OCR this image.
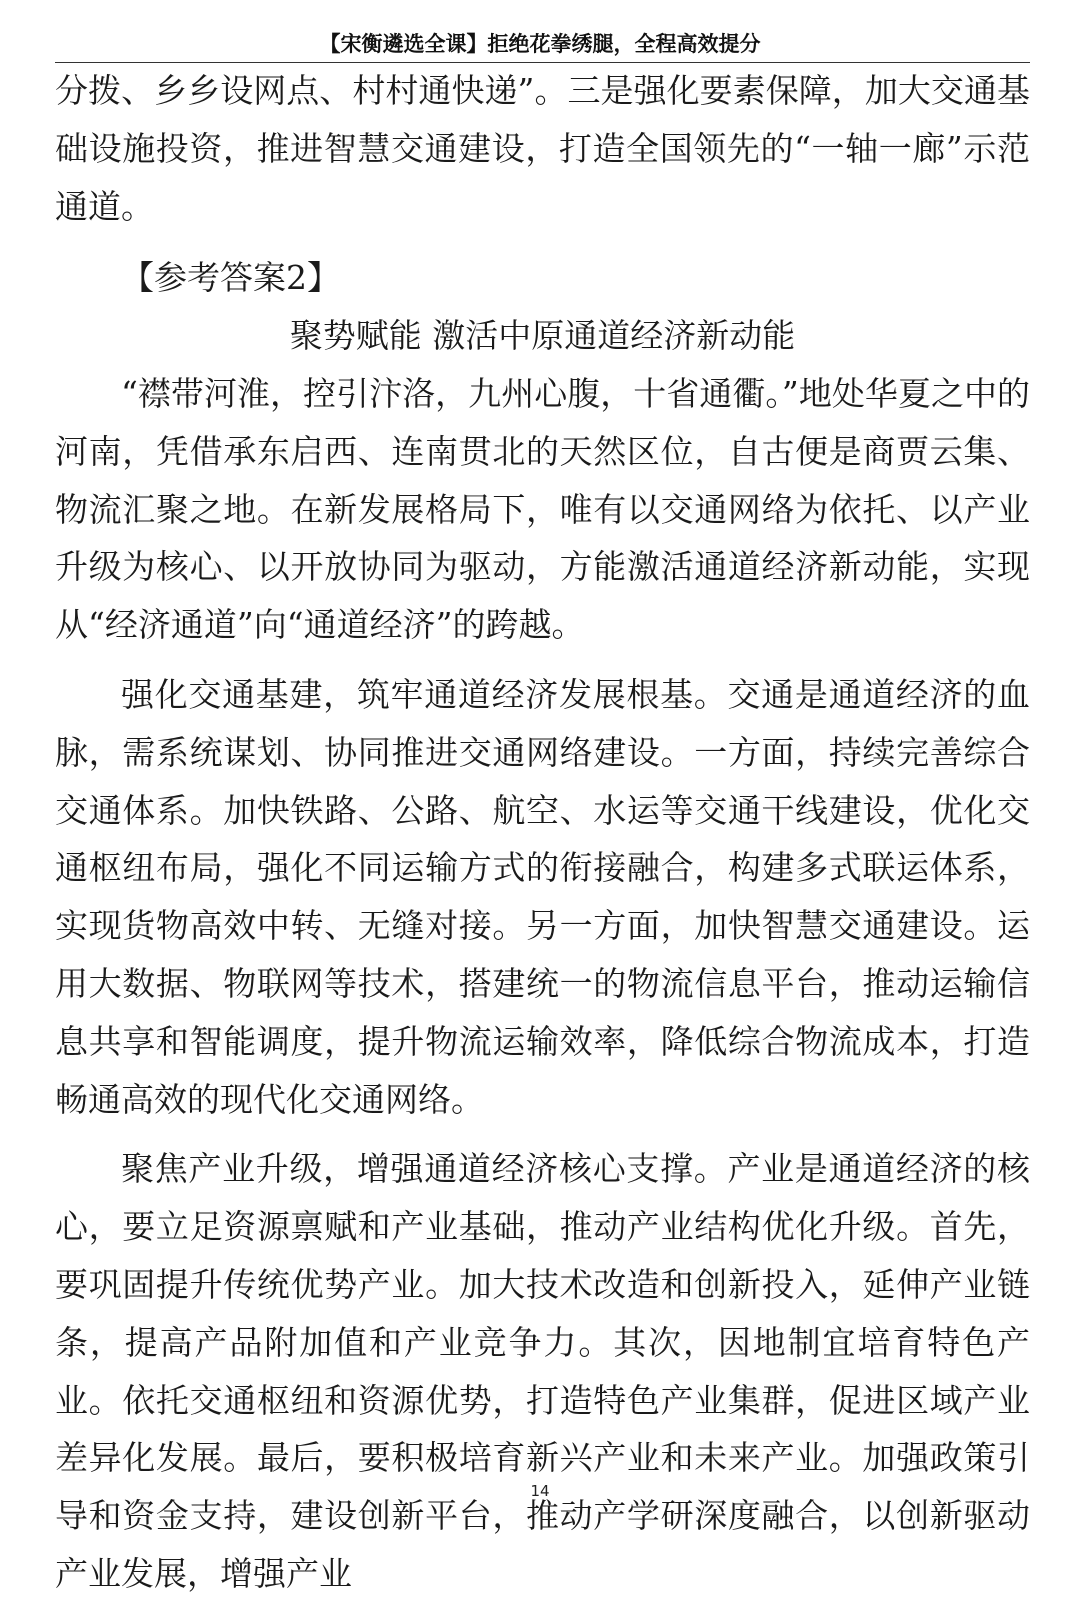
【宋衡遴选全课】拒绝花拳绣腿，全程高效提分

分拨、乡乡设网点、村村通快递”。三是强化要素保障，加大交通基础设施投资，推进智慧交通建设，打造全国领先的“一轴一廊”示范通道。

【参考答案2】

聚势赋能 激活中原通道经济新动能

“襟带河淮，控引汴洛，九州心腹，十省通衢。”地处华夏之中的河南，凭借承东启西、连南贯北的天然区位，自古便是商贾云集、物流汇聚之地。在新发展格局下，唯有以交通网络为依托、以产业升级为核心、以开放协同为驱动，方能激活通道经济新动能，实现从“经济通道”向“通道经济”的跨越。

强化交通基建，筑牢通道经济发展根基。交通是通道经济的血脉，需系统谋划、协同推进交通网络建设。一方面，持续完善综合交通体系。加快铁路、公路、航空、水运等交通干线建设，优化交通枢纽布局，强化不同运输方式的衔接融合，构建多式联运体系，实现货物高效中转、无缝对接。另一方面，加快智慧交通建设。运用大数据、物联网等技术，搭建统一的物流信息平台，推动运输信息共享和智能调度，提升物流运输效率，降低综合物流成本，打造畅通高效的现代化交通网络。

聚焦产业升级，增强通道经济核心支撑。产业是通道经济的核心，要立足资源禀赋和产业基础，推动产业结构优化升级。首先，要巩固提升传统优势产业。加大技术改造和创新投入，延伸产业链条，提高产品附加值和产业竞争力。其次，因地制宜培育特色产业。依托交通枢纽和资源优势，打造特色产业集群，促进区域产业差异化发展。最后，要积极培育新兴产业和未来产业。加强政策引导和资金支持，建设创新平台，推动产学研深度融合，以创新驱动产业发展，增强产业

14
